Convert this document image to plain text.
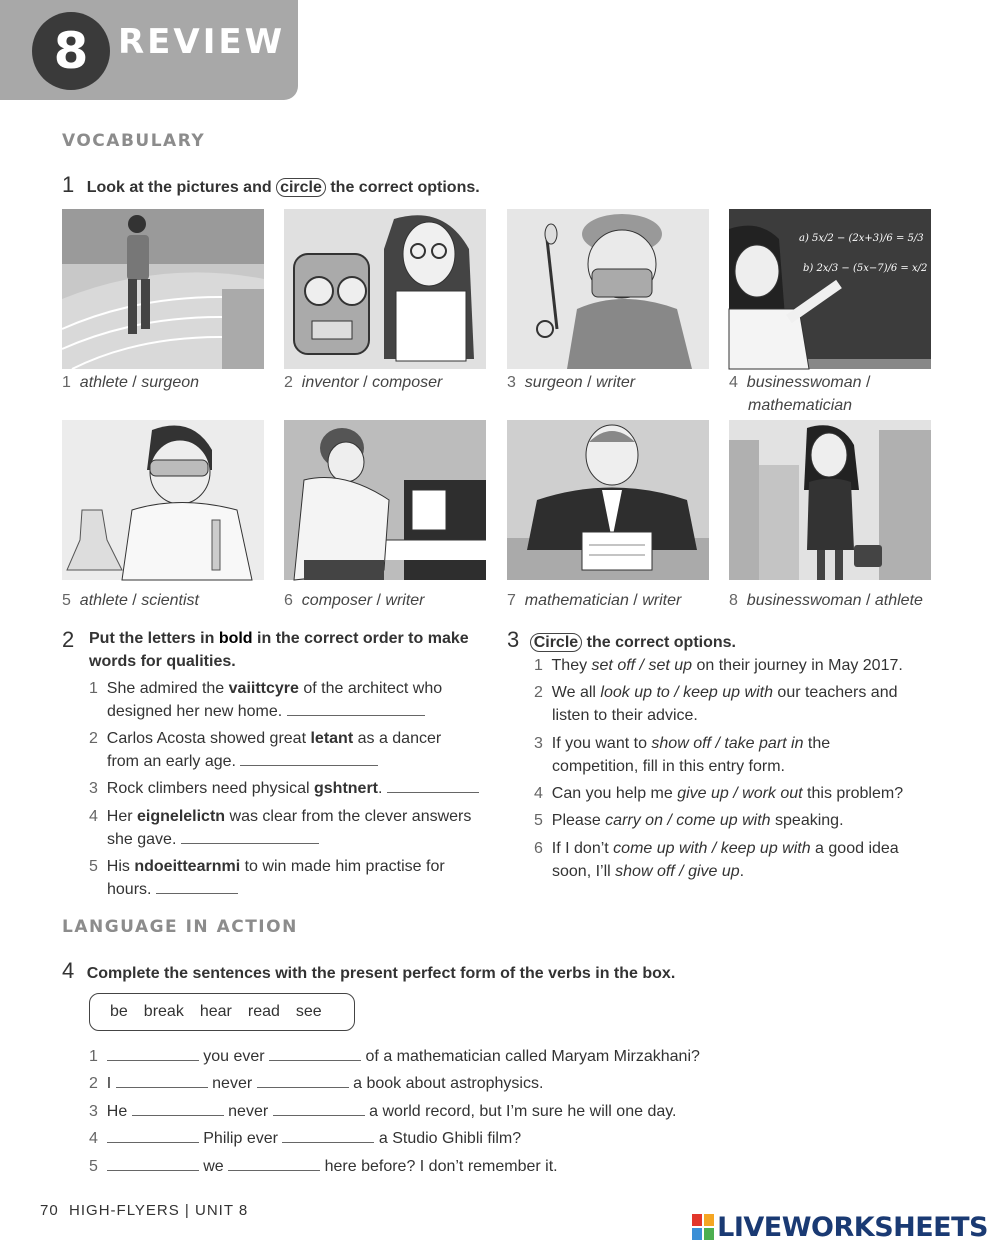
8 REVIEW
VOCABULARY
1 Look at the pictures and circle the correct options.
a) 5x/2 − (2x+3)/6 = 5/3
b) 2x/3 − (5x−7)/6 = x/2 + 5/3
1 athlete / surgeon	2 inventor / composer	3 surgeon / writer	4 businesswoman /
mathematician
5 athlete / scientist	6 composer / writer	7 mathematician / writer	8 businesswoman / athlete
2 Put the letters in bold in the correct order to make
words for qualities.
1 She admired the vaiittcyre of the architect who
designed her new home.
2 Carlos Acosta showed great letant as a dancer
from an early age.
3 Rock climbers need physical gshtnert.
4 Her eignelelictn was clear from the clever answers
she gave.
5 His ndoeittearnmi to win made him practise for
hours.
3 Circle the correct options.
1 They set off / set up on their journey in May 2017.
2 We all look up to / keep up with our teachers and
listen to their advice.
3 If you want to show off / take part in the
competition, fill in this entry form.
4 Can you help me give up / work out this problem?
5 Please carry on / come up with speaking.
6 If I don’t come up with / keep up with a good idea
soon, I’ll show off / give up.
LANGUAGE IN ACTION
4 Complete the sentences with the present perfect form of the verbs in the box.
be break hear read see
1	you ever	of a mathematician called Maryam Mirzakhani?
2 I	never	a book about astrophysics.
3 He	never	a world record, but I’m sure he will one day.
4	Philip ever	a Studio Ghibli film?
5	we	here before? I don’t remember it.
70 HIGH-FLYERS | UNIT 8
LIVEWORKSHEETS
